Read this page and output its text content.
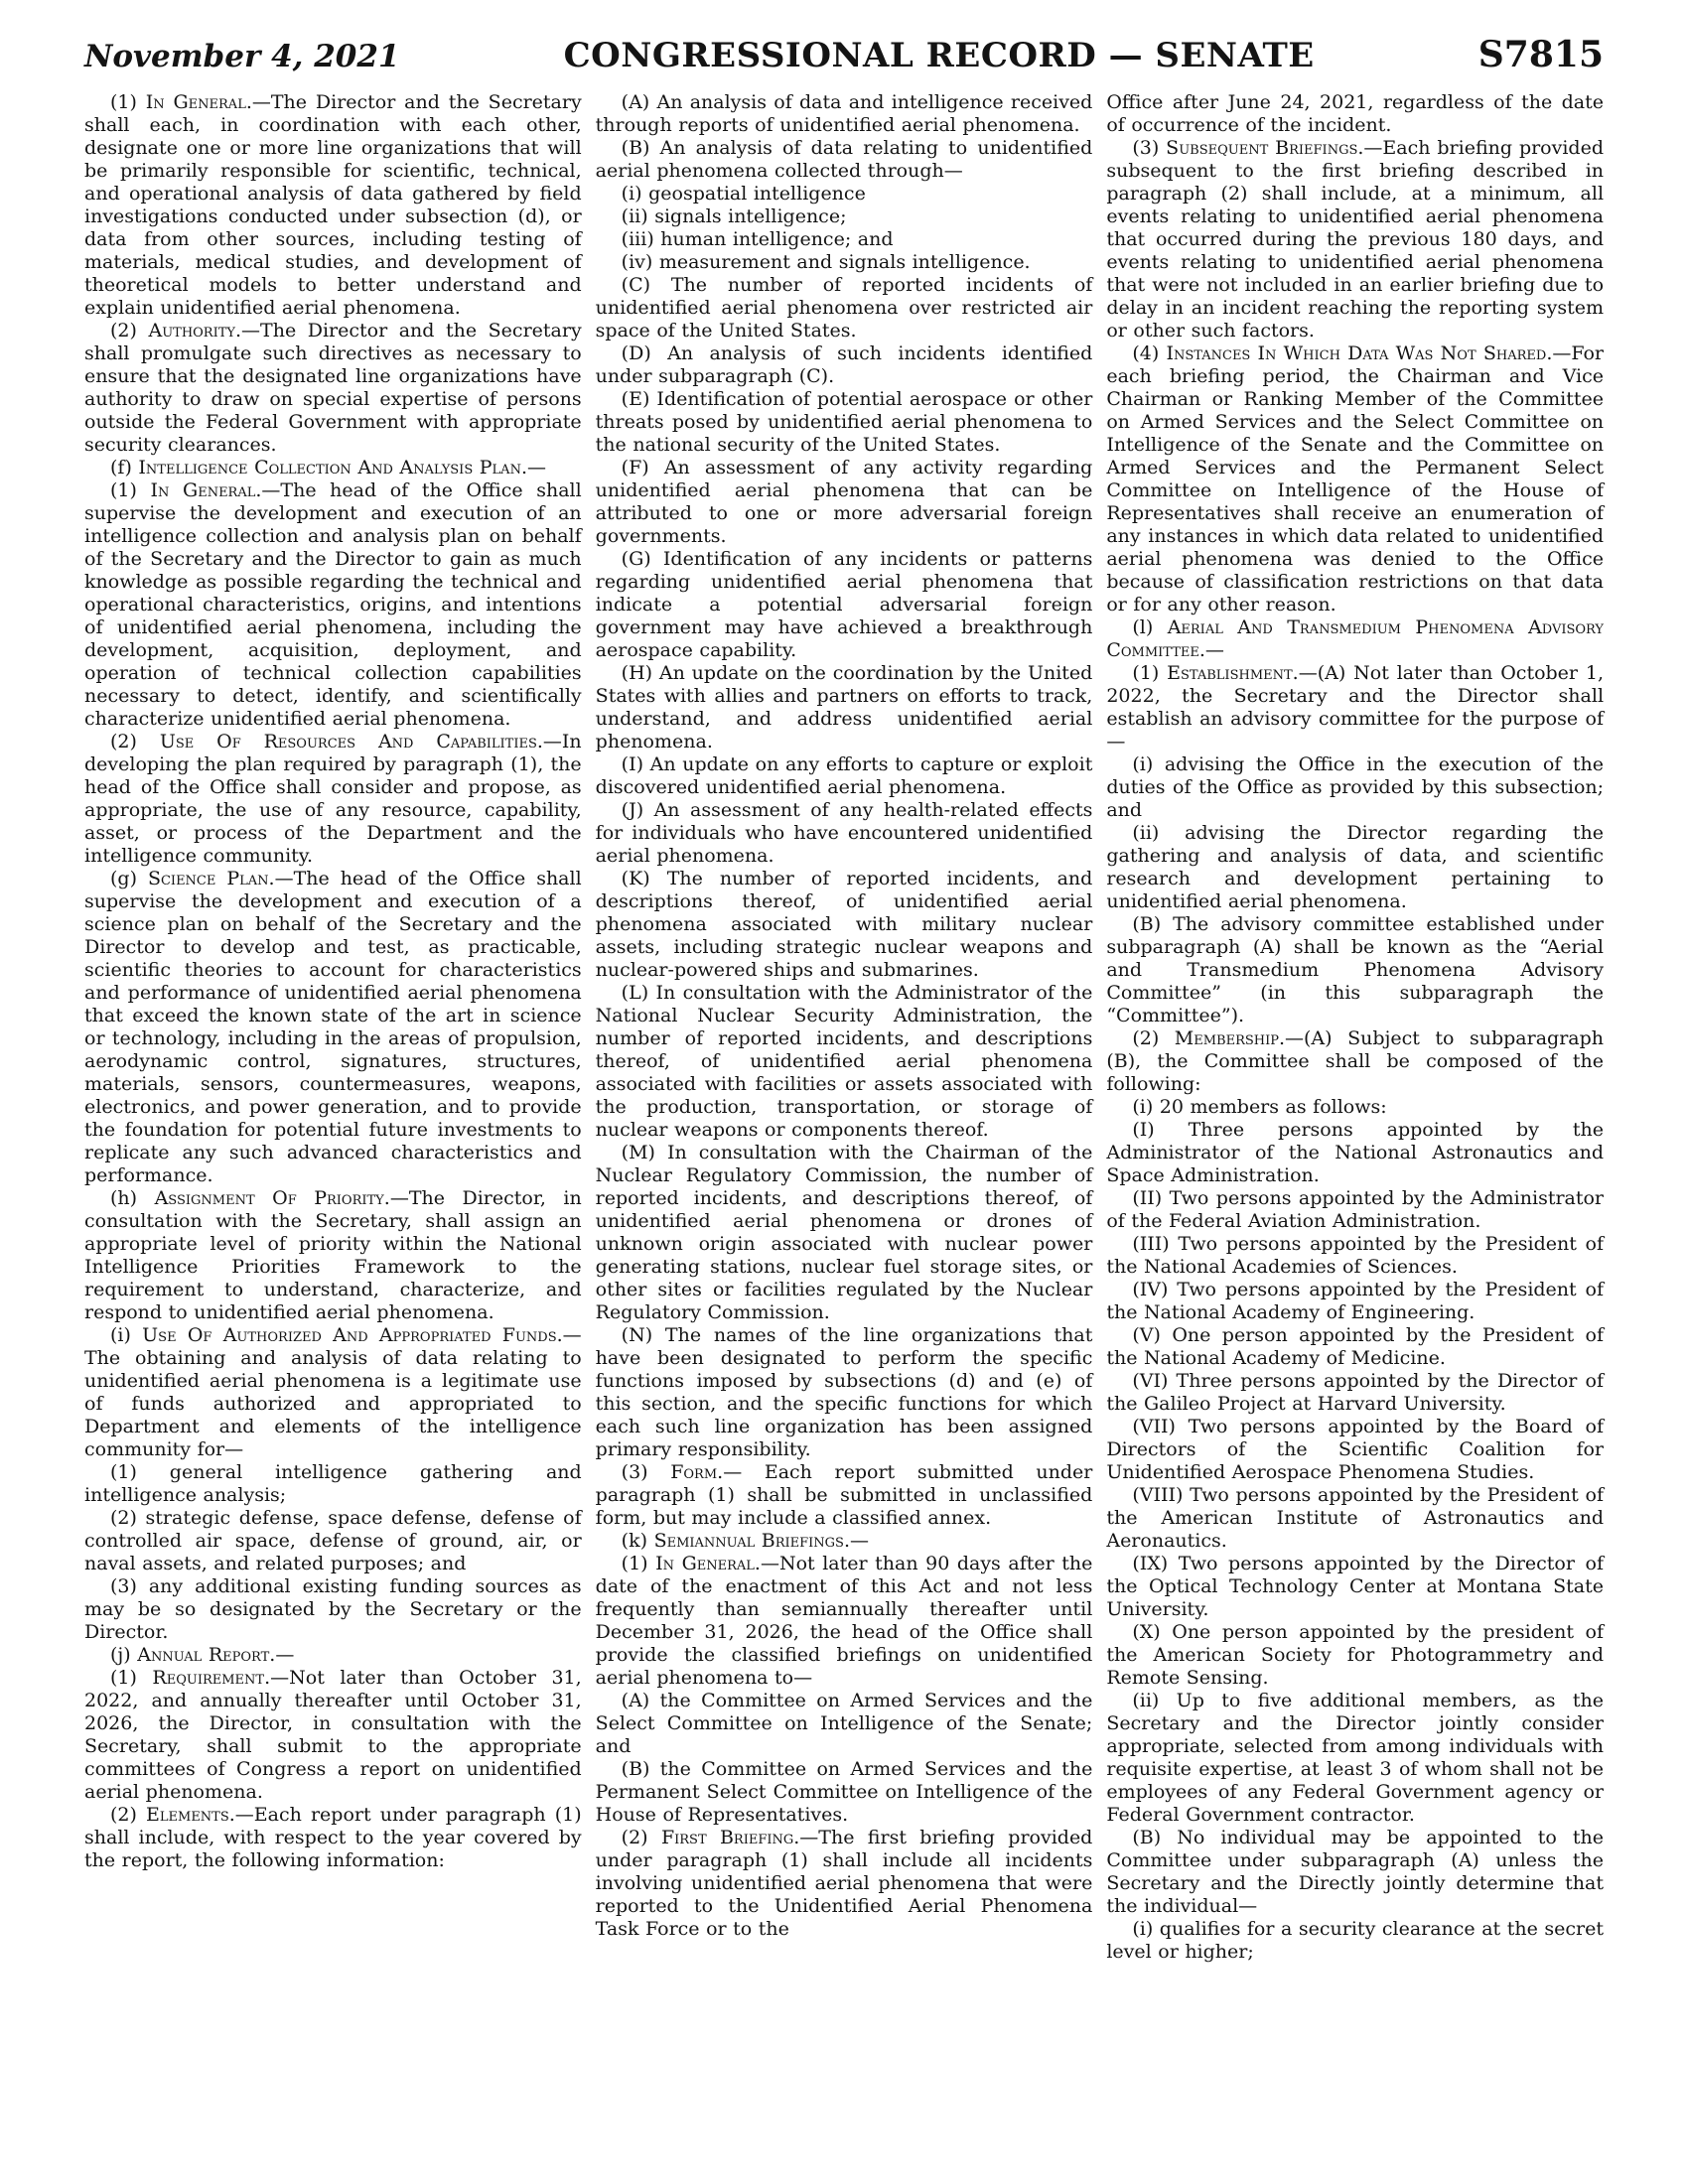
November 4, 2021	CONGRESSIONAL RECORD — SENATE	S7815

(1) In General.—The Director and the Secretary shall each, in coordination with each other, designate one or more line organizations that will be primarily responsible for scientific, technical, and operational analysis of data gathered by field investigations conducted under subsection (d), or data from other sources, including testing of materials, medical studies, and development of theoretical models to better understand and explain unidentified aerial phenomena.

(2) Authority.—The Director and the Secretary shall promulgate such directives as necessary to ensure that the designated line organizations have authority to draw on special expertise of persons outside the Federal Government with appropriate security clearances.

(f) Intelligence Collection And Analysis Plan.—

(1) In General.—The head of the Office shall supervise the development and execution of an intelligence collection and analysis plan on behalf of the Secretary and the Director to gain as much knowledge as possible regarding the technical and operational characteristics, origins, and intentions of unidentified aerial phenomena, including the development, acquisition, deployment, and operation of technical collection capabilities necessary to detect, identify, and scientifically characterize unidentified aerial phenomena.

(2) Use Of Resources And Capabilities.—In developing the plan required by paragraph (1), the head of the Office shall consider and propose, as appropriate, the use of any resource, capability, asset, or process of the Department and the intelligence community.

(g) Science Plan.—The head of the Office shall supervise the development and execution of a science plan on behalf of the Secretary and the Director to develop and test, as practicable, scientific theories to account for characteristics and performance of unidentified aerial phenomena that exceed the known state of the art in science or technology, including in the areas of propulsion, aerodynamic control, signatures, structures, materials, sensors, countermeasures, weapons, electronics, and power generation, and to provide the foundation for potential future investments to replicate any such advanced characteristics and performance.

(h) Assignment Of Priority.—The Director, in consultation with the Secretary, shall assign an appropriate level of priority within the National Intelligence Priorities Framework to the requirement to understand, characterize, and respond to unidentified aerial phenomena.

(i) Use Of Authorized And Appropriated Funds.—The obtaining and analysis of data relating to unidentified aerial phenomena is a legitimate use of funds authorized and appropriated to Department and elements of the intelligence community for—

(1) general intelligence gathering and intelligence analysis;

(2) strategic defense, space defense, defense of controlled air space, defense of ground, air, or naval assets, and related purposes; and

(3) any additional existing funding sources as may be so designated by the Secretary or the Director.

(j) Annual Report.—

(1) Requirement.—Not later than October 31, 2022, and annually thereafter until October 31, 2026, the Director, in consultation with the Secretary, shall submit to the appropriate committees of Congress a report on unidentified aerial phenomena.

(2) Elements.—Each report under paragraph (1) shall include, with respect to the year covered by the report, the following information:

(A) An analysis of data and intelligence received through reports of unidentified aerial phenomena.

(B) An analysis of data relating to unidentified aerial phenomena collected through—

(i) geospatial intelligence

(ii) signals intelligence;

(iii) human intelligence; and

(iv) measurement and signals intelligence.

(C) The number of reported incidents of unidentified aerial phenomena over restricted air space of the United States.

(D) An analysis of such incidents identified under subparagraph (C).

(E) Identification of potential aerospace or other threats posed by unidentified aerial phenomena to the national security of the United States.

(F) An assessment of any activity regarding unidentified aerial phenomena that can be attributed to one or more adversarial foreign governments.

(G) Identification of any incidents or patterns regarding unidentified aerial phenomena that indicate a potential adversarial foreign government may have achieved a breakthrough aerospace capability.

(H) An update on the coordination by the United States with allies and partners on efforts to track, understand, and address unidentified aerial phenomena.

(I) An update on any efforts to capture or exploit discovered unidentified aerial phenomena.

(J) An assessment of any health-related effects for individuals who have encountered unidentified aerial phenomena.

(K) The number of reported incidents, and descriptions thereof, of unidentified aerial phenomena associated with military nuclear assets, including strategic nuclear weapons and nuclear-powered ships and submarines.

(L) In consultation with the Administrator of the National Nuclear Security Administration, the number of reported incidents, and descriptions thereof, of unidentified aerial phenomena associated with facilities or assets associated with the production, transportation, or storage of nuclear weapons or components thereof.

(M) In consultation with the Chairman of the Nuclear Regulatory Commission, the number of reported incidents, and descriptions thereof, of unidentified aerial phenomena or drones of unknown origin associated with nuclear power generating stations, nuclear fuel storage sites, or other sites or facilities regulated by the Nuclear Regulatory Commission.

(N) The names of the line organizations that have been designated to perform the specific functions imposed by subsections (d) and (e) of this section, and the specific functions for which each such line organization has been assigned primary responsibility.

(3) Form.— Each report submitted under paragraph (1) shall be submitted in unclassified form, but may include a classified annex.

(k) Semiannual Briefings.—

(1) In General.—Not later than 90 days after the date of the enactment of this Act and not less frequently than semiannually thereafter until December 31, 2026, the head of the Office shall provide the classified briefings on unidentified aerial phenomena to—

(A) the Committee on Armed Services and the Select Committee on Intelligence of the Senate; and

(B) the Committee on Armed Services and the Permanent Select Committee on Intelligence of the House of Representatives.

(2) First Briefing.—The first briefing provided under paragraph (1) shall include all incidents involving unidentified aerial phenomena that were reported to the Unidentified Aerial Phenomena Task Force or to the

Office after June 24, 2021, regardless of the date of occurrence of the incident.

(3) Subsequent Briefings.—Each briefing provided subsequent to the first briefing described in paragraph (2) shall include, at a minimum, all events relating to unidentified aerial phenomena that occurred during the previous 180 days, and events relating to unidentified aerial phenomena that were not included in an earlier briefing due to delay in an incident reaching the reporting system or other such factors.

(4) Instances In Which Data Was Not Shared.—For each briefing period, the Chairman and Vice Chairman or Ranking Member of the Committee on Armed Services and the Select Committee on Intelligence of the Senate and the Committee on Armed Services and the Permanent Select Committee on Intelligence of the House of Representatives shall receive an enumeration of any instances in which data related to unidentified aerial phenomena was denied to the Office because of classification restrictions on that data or for any other reason.

(l) Aerial And Transmedium Phenomena Advisory Committee.—

(1) Establishment.—(A) Not later than October 1, 2022, the Secretary and the Director shall establish an advisory committee for the purpose of—

(i) advising the Office in the execution of the duties of the Office as provided by this subsection; and

(ii) advising the Director regarding the gathering and analysis of data, and scientific research and development pertaining to unidentified aerial phenomena.

(B) The advisory committee established under subparagraph (A) shall be known as the “Aerial and Transmedium Phenomena Advisory Committee” (in this subparagraph the “Committee”).

(2) Membership.—(A) Subject to subparagraph (B), the Committee shall be composed of the following:

(i) 20 members as follows:

(I) Three persons appointed by the Administrator of the National Astronautics and Space Administration.

(II) Two persons appointed by the Administrator of the Federal Aviation Administration.

(III) Two persons appointed by the President of the National Academies of Sciences.

(IV) Two persons appointed by the President of the National Academy of Engineering.

(V) One person appointed by the President of the National Academy of Medicine.

(VI) Three persons appointed by the Director of the Galileo Project at Harvard University.

(VII) Two persons appointed by the Board of Directors of the Scientific Coalition for Unidentified Aerospace Phenomena Studies.

(VIII) Two persons appointed by the President of the American Institute of Astronautics and Aeronautics.

(IX) Two persons appointed by the Director of the Optical Technology Center at Montana State University.

(X) One person appointed by the president of the American Society for Photogrammetry and Remote Sensing.

(ii) Up to five additional members, as the Secretary and the Director jointly consider appropriate, selected from among individuals with requisite expertise, at least 3 of whom shall not be employees of any Federal Government agency or Federal Government contractor.

(B) No individual may be appointed to the Committee under subparagraph (A) unless the Secretary and the Directly jointly determine that the individual—

(i) qualifies for a security clearance at the secret level or higher;
